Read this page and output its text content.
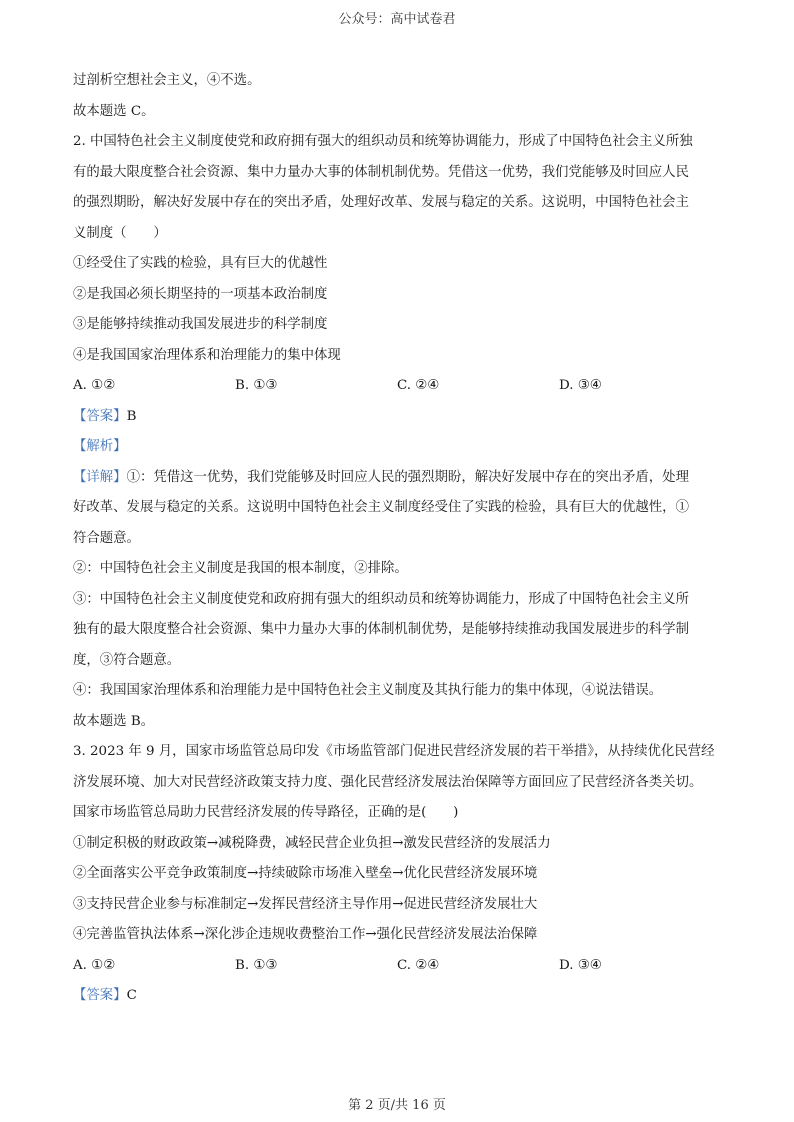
公众号：高中试卷君
过剖析空想社会主义，④不选。
故本题选 C。
2. 中国特色社会主义制度使党和政府拥有强大的组织动员和统筹协调能力，形成了中国特色社会主义所独
有的最大限度整合社会资源、集中力量办大事的体制机制优势。凭借这一优势，我们党能够及时回应人民
的强烈期盼，解决好发展中存在的突出矛盾，处理好改革、发展与稳定的关系。这说明，中国特色社会主
义制度（　　）
①经受住了实践的检验，具有巨大的优越性
②是我国必须长期坚持的一项基本政治制度
③是能够持续推动我国发展进步的科学制度
④是我国国家治理体系和治理能力的集中体现
A. ①②	B. ①③	C. ②④	D. ③④
【答案】B
【解析】
【详解】①：凭借这一优势，我们党能够及时回应人民的强烈期盼，解决好发展中存在的突出矛盾，处理
好改革、发展与稳定的关系。这说明中国特色社会主义制度经受住了实践的检验，具有巨大的优越性，①
符合题意。
②：中国特色社会主义制度是我国的根本制度，②排除。
③：中国特色社会主义制度使党和政府拥有强大的组织动员和统筹协调能力，形成了中国特色社会主义所
独有的最大限度整合社会资源、集中力量办大事的体制机制优势，是能够持续推动我国发展进步的科学制
度，③符合题意。
④：我国国家治理体系和治理能力是中国特色社会主义制度及其执行能力的集中体现，④说法错误。
故本题选 B。
3. 2023 年 9 月，国家市场监管总局印发《市场监管部门促进民营经济发展的若干举措》，从持续优化民营经
济发展环境、加大对民营经济政策支持力度、强化民营经济发展法治保障等方面回应了民营经济各类关切。
国家市场监管总局助力民营经济发展的传导路径，正确的是(　　)
①制定积极的财政政策→减税降费，减轻民营企业负担→激发民营经济的发展活力
②全面落实公平竞争政策制度→持续破除市场准入壁垒→优化民营经济发展环境
③支持民营企业参与标准制定→发挥民营经济主导作用→促进民营经济发展壮大
④完善监管执法体系→深化涉企违规收费整治工作→强化民营经济发展法治保障
A. ①②	B. ①③	C. ②④	D. ③④
【答案】C
第 2 页/共 16 页
